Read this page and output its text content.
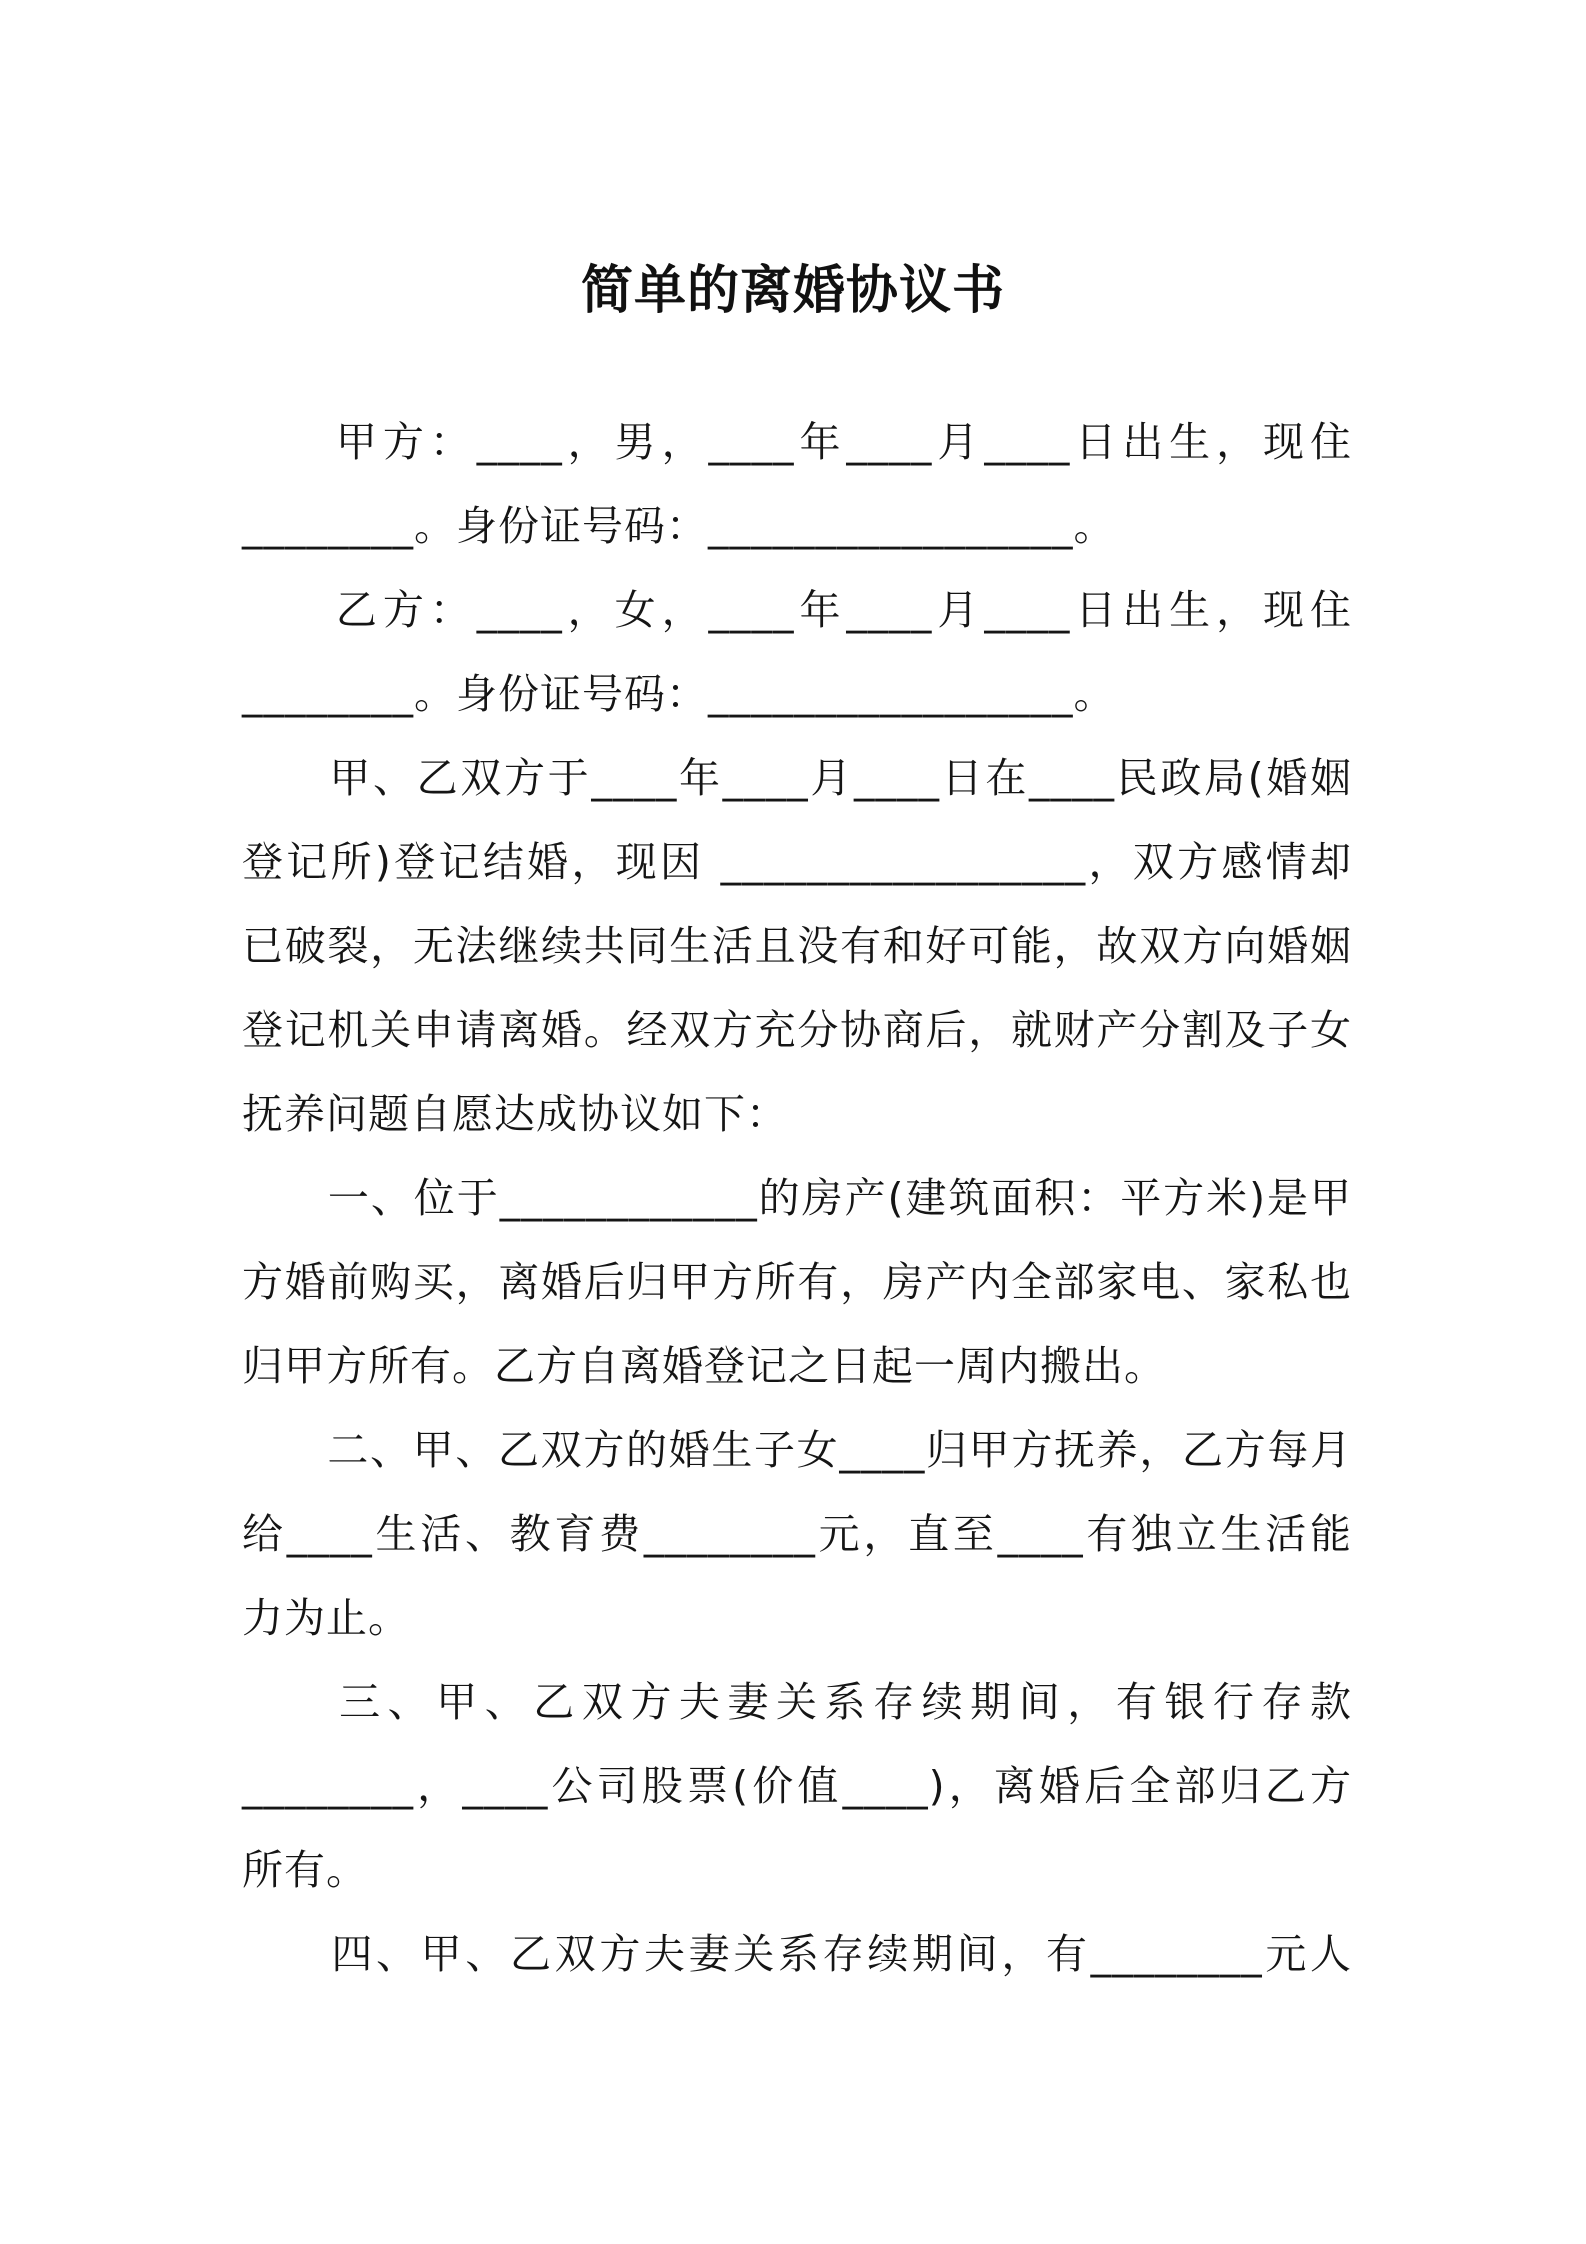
简单的离婚协议书
　　甲方：____，男，____年____月____日出生，现住
________。身份证号码：_________________。
　　乙方：____，女，____年____月____日出生，现住
________。身份证号码：_________________。
　　甲、乙双方于____年____月____日在____民政局(婚姻
登记所)登记结婚，现因 _________________，双方感情却
已破裂，无法继续共同生活且没有和好可能，故双方向婚姻
登记机关申请离婚。经双方充分协商后，就财产分割及子女
抚养问题自愿达成协议如下：
　　一、位于____________的房产(建筑面积：平方米)是甲
方婚前购买，离婚后归甲方所有，房产内全部家电、家私也
归甲方所有。乙方自离婚登记之日起一周内搬出。
　　二、甲、乙双方的婚生子女____归甲方抚养，乙方每月
给____生活、教育费________元，直至____有独立生活能
力为止。
　　三、甲、乙双方夫妻关系存续期间，有银行存款
________，____公司股票(价值____)，离婚后全部归乙方
所有。
　　四、甲、乙双方夫妻关系存续期间，有________元人
